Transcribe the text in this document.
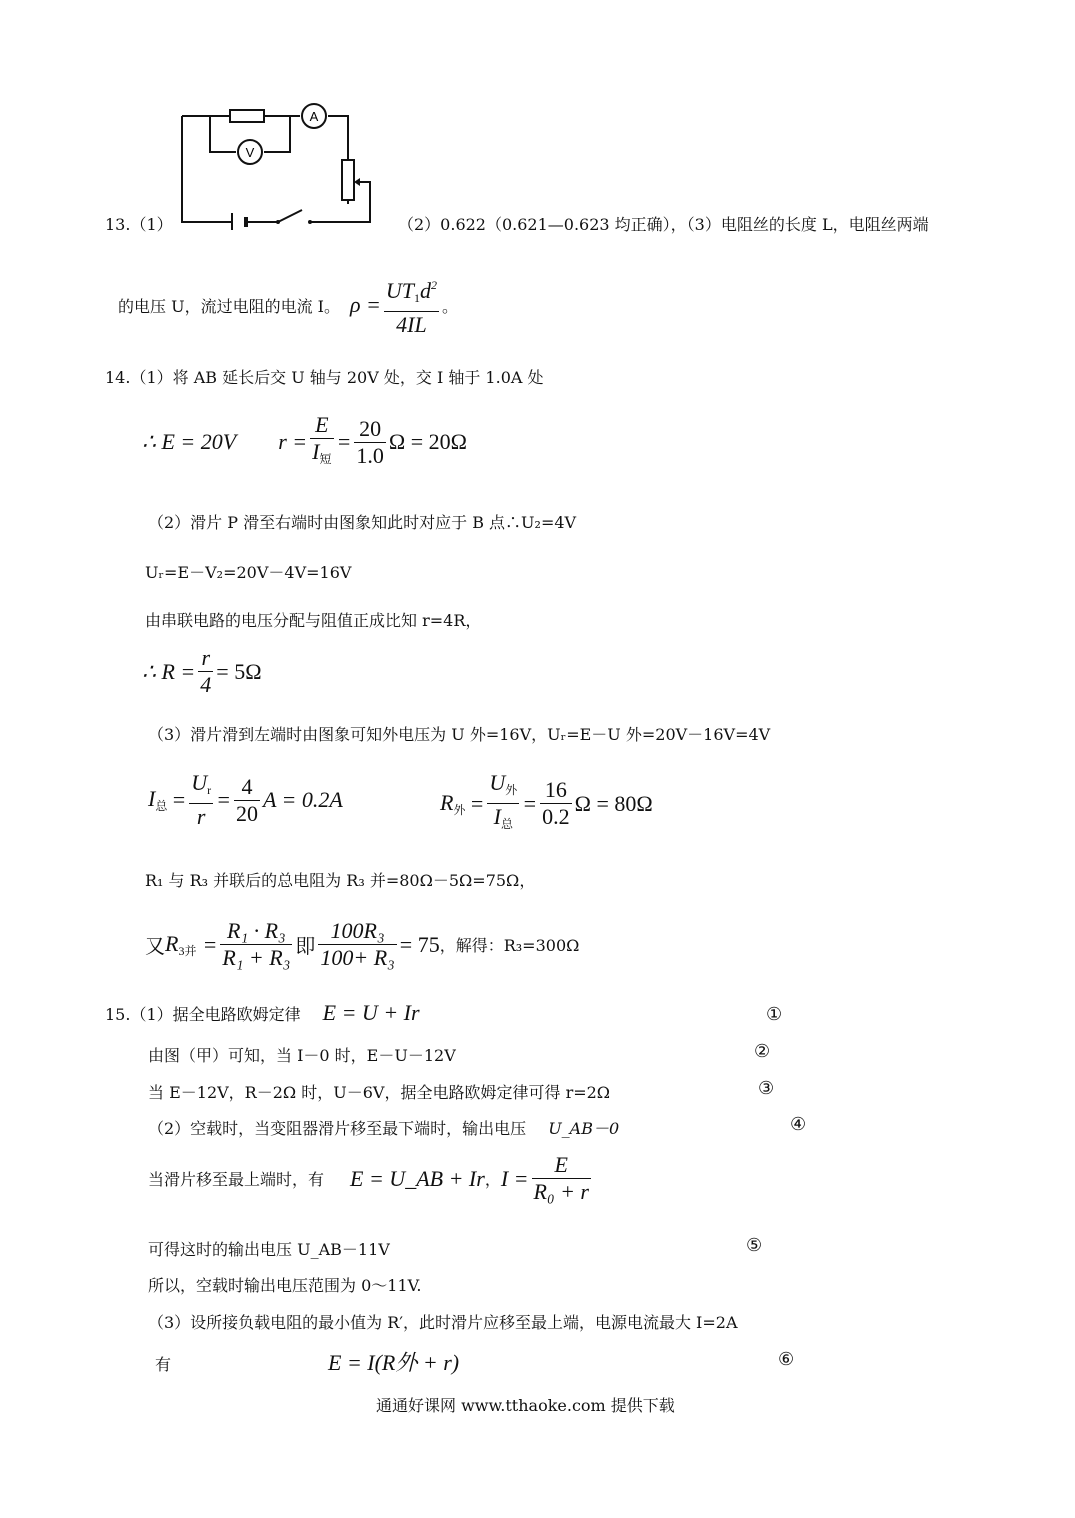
A
V
13.（1）	（2）0.622（0.621—0.623 均正确），（3）电阻丝的长度 L，电阻丝两端
的电压 U，流过电阻的电流 I。 $\rho = \frac{UT_1d^2}{4IL}$ 。
14.（1）将 AB 延长后交 U 轴与 20V 处，交 I 轴于 1.0A 处
∴ E = 20V $r = \frac{E}{I_短} = \frac{20}{1.0}$ Ω = 20Ω
（2）滑片 P 滑至右端时由图象知此时对应于 B 点∴U₂=4V
Uᵣ=E－V₂=20V－4V=16V
由串联电路的电压分配与阻值正成比知 r=4R，
∴ $R = \frac{r}{4} = 5\Omega$
（3）滑片滑到左端时由图象可知外电压为 U 外=16V，Uᵣ=E－U 外=20V－16V=4V
$I_总 = \frac{U_r}{r} = \frac{4}{20}$ A = 0.2A	$R_外 = \frac{U_外}{I_总} = \frac{16}{0.2}$ Ω = 80Ω
R₁ 与 R₃ 并联后的总电阻为 R₃ 并=80Ω－5Ω=75Ω，
又 $R_{3并} = \frac{\text{R₁ · R₃}}{\text{R₁ + R₃}}$ 即 $\frac{\text{100R₃}}{\text{100+ R₃}} = 75$ ，解得：R₃=300Ω
15.（1）据全电路欧姆定律 E = U + Ir	①
由图（甲）可知，当 I－0 时，E－U－12V	②
当 E－12V，R－2Ω 时，U－6V，据全电路欧姆定律可得 r=2Ω	③
（2）空载时，当变阻器滑片移至最下端时，输出电压 U_AB－0	④
当滑片移至最上端时，有 E = U_AB + Ir ， $I = \frac{E}{\text{R₀ + r}}$
可得这时的输出电压 U_AB－11V	⑤
所以，空载时输出电压范围为 0～11V.
（3）设所接负载电阻的最小值为 R′，此时滑片应移至最上端，电源电流最大 I=2A
有	E = I(R外 + r)	⑥
通通好课网 www.tthaoke.com 提供下载
